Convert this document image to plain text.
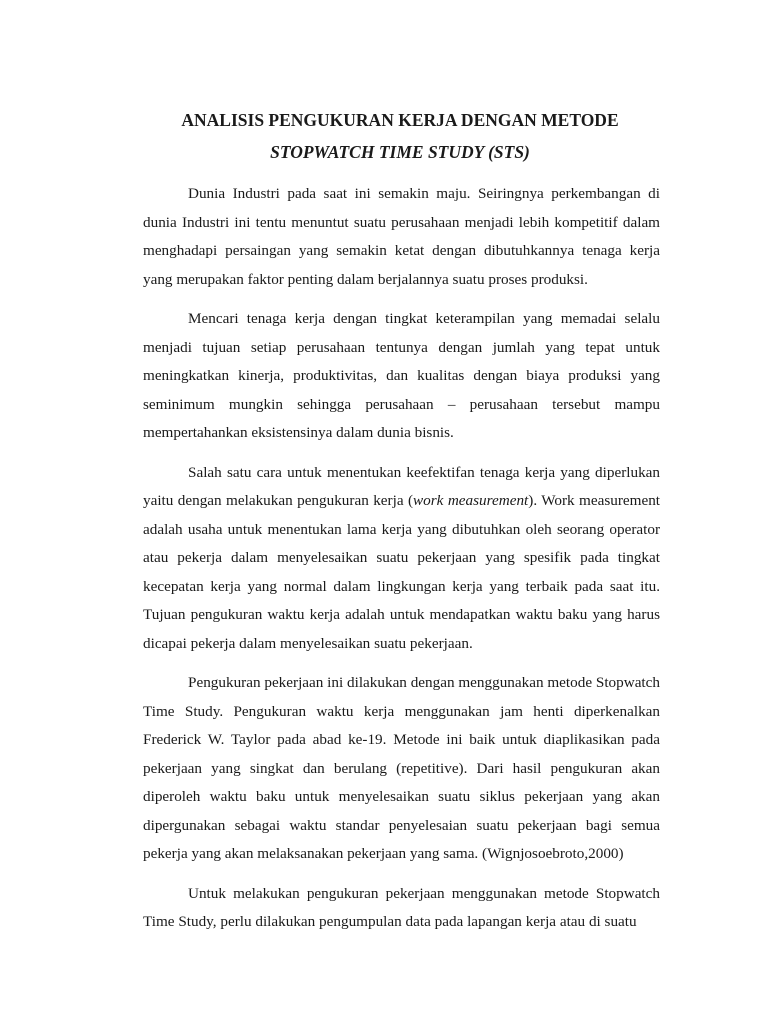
ANALISIS PENGUKURAN KERJA DENGAN METODE
STOPWATCH TIME STUDY (STS)

Dunia Industri pada saat ini semakin maju. Seiringnya perkembangan di dunia Industri ini tentu menuntut suatu perusahaan menjadi lebih kompetitif dalam menghadapi persaingan yang semakin ketat dengan dibutuhkannya tenaga kerja yang merupakan faktor penting dalam berjalannya suatu proses produksi.

Mencari tenaga kerja dengan tingkat keterampilan yang memadai selalu menjadi tujuan setiap perusahaan tentunya dengan jumlah yang tepat untuk meningkatkan kinerja, produktivitas, dan kualitas dengan biaya produksi yang seminimum mungkin sehingga perusahaan – perusahaan tersebut mampu mempertahankan eksistensinya dalam dunia bisnis.

Salah satu cara untuk menentukan keefektifan tenaga kerja yang diperlukan yaitu dengan melakukan pengukuran kerja (work measurement). Work measurement adalah usaha untuk menentukan lama kerja yang dibutuhkan oleh seorang operator atau pekerja dalam menyelesaikan suatu pekerjaan yang spesifik pada tingkat kecepatan kerja yang normal dalam lingkungan kerja yang terbaik pada saat itu. Tujuan pengukuran waktu kerja adalah untuk mendapatkan waktu baku yang harus dicapai pekerja dalam menyelesaikan suatu pekerjaan.

Pengukuran pekerjaan ini dilakukan dengan menggunakan metode Stopwatch Time Study. Pengukuran waktu kerja menggunakan jam henti diperkenalkan Frederick W. Taylor pada abad ke-19. Metode ini baik untuk diaplikasikan pada pekerjaan yang singkat dan berulang (repetitive). Dari hasil pengukuran akan diperoleh waktu baku untuk menyelesaikan suatu siklus pekerjaan yang akan dipergunakan sebagai waktu standar penyelesaian suatu pekerjaan bagi semua pekerja yang akan melaksanakan pekerjaan yang sama. (Wignjosoebroto,2000)

Untuk melakukan pengukuran pekerjaan menggunakan metode Stopwatch Time Study, perlu dilakukan pengumpulan data pada lapangan kerja atau di suatu
